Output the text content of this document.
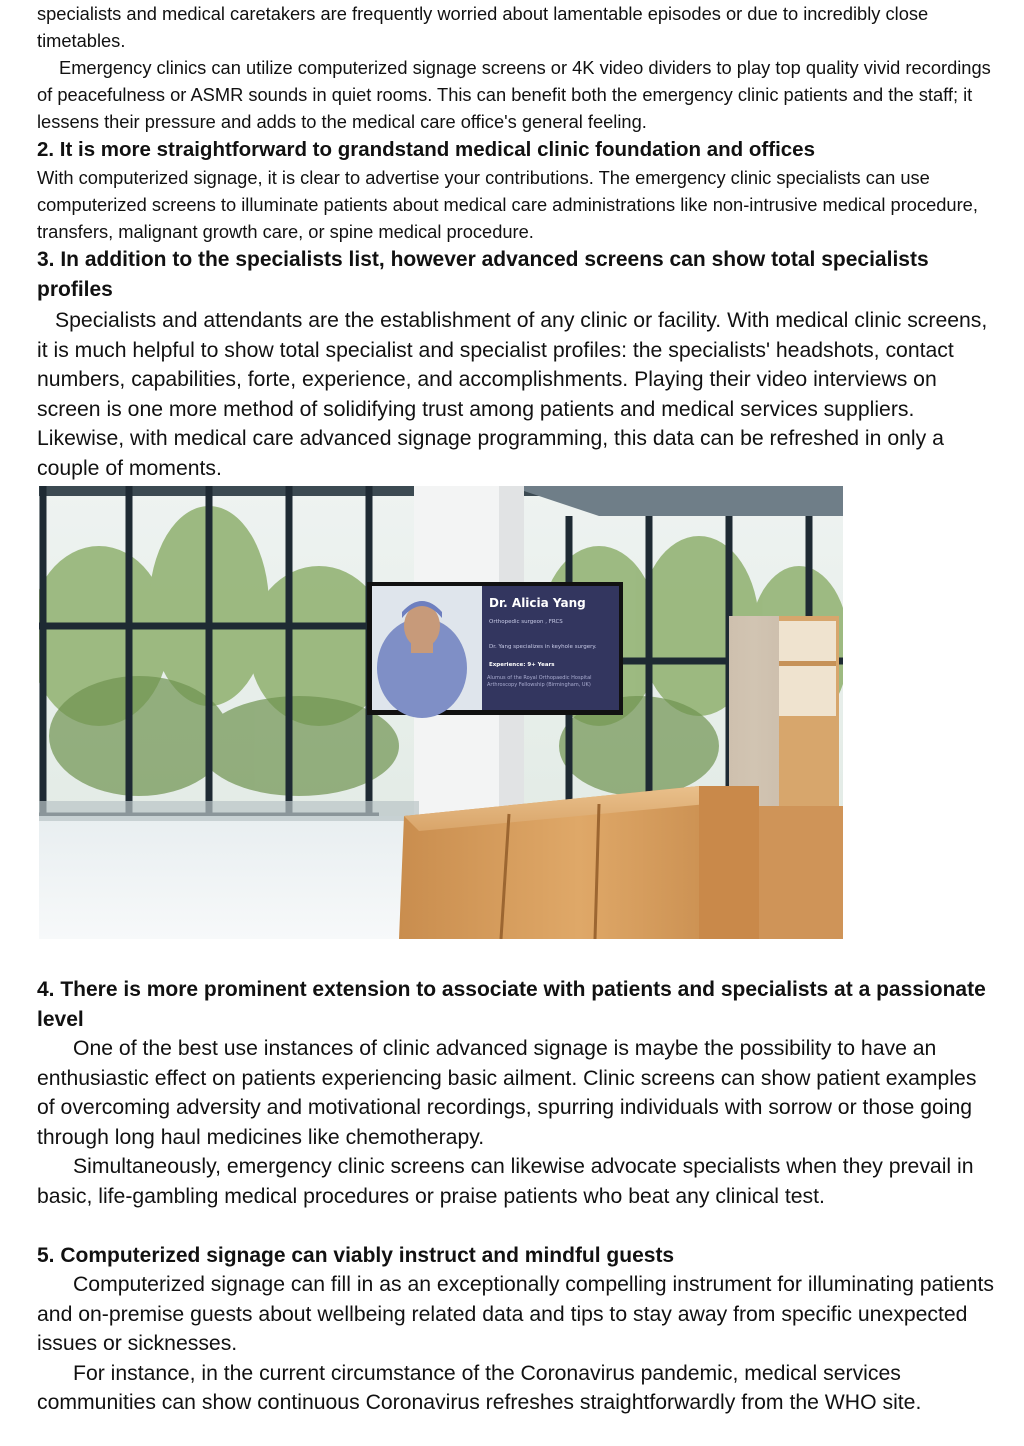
specialists and medical caretakers are frequently worried about lamentable episodes or due to incredibly close timetables.

Emergency clinics can utilize computerized signage screens or 4K video dividers to play top quality vivid recordings of peacefulness or ASMR sounds in quiet rooms. This can benefit both the emergency clinic patients and the staff; it lessens their pressure and adds to the medical care office's general feeling.

2. It is more straightforward to grandstand medical clinic foundation and offices

With computerized signage, it is clear to advertise your contributions. The emergency clinic specialists can use computerized screens to illuminate patients about medical care administrations like non-intrusive medical procedure, transfers, malignant growth care, or spine medical procedure.

3. In addition to the specialists list, however advanced screens can show total specialists profiles

Specialists and attendants are the establishment of any clinic or facility. With medical clinic screens, it is much helpful to show total specialist and specialist profiles: the specialists' headshots, contact numbers, capabilities, forte, experience, and accomplishments. Playing their video interviews on screen is one more method of solidifying trust among patients and medical services suppliers. Likewise, with medical care advanced signage programming, this data can be refreshed in only a couple of moments.

Dr. Alicia Yang
Orthopedic surgeon , FRCS
Dr. Yang specializes in keyhole surgery.
Experience: 9+ Years
Alumus of the Royal Orthopaedic Hospital Arthroscopy Fellowship (Birmingham, UK)

4. There is more prominent extension to associate with patients and specialists at a passionate level

One of the best use instances of clinic advanced signage is maybe the possibility to have an enthusiastic effect on patients experiencing basic ailment. Clinic screens can show patient examples of overcoming adversity and motivational recordings, spurring individuals with sorrow or those going through long haul medicines like chemotherapy.

Simultaneously, emergency clinic screens can likewise advocate specialists when they prevail in basic, life-gambling medical procedures or praise patients who beat any clinical test.

5. Computerized signage can viably instruct and mindful guests

Computerized signage can fill in as an exceptionally compelling instrument for illuminating patients and on-premise guests about wellbeing related data and tips to stay away from specific unexpected issues or sicknesses.

For instance, in the current circumstance of the Coronavirus pandemic, medical services communities can show continuous Coronavirus refreshes straightforwardly from the WHO site.
